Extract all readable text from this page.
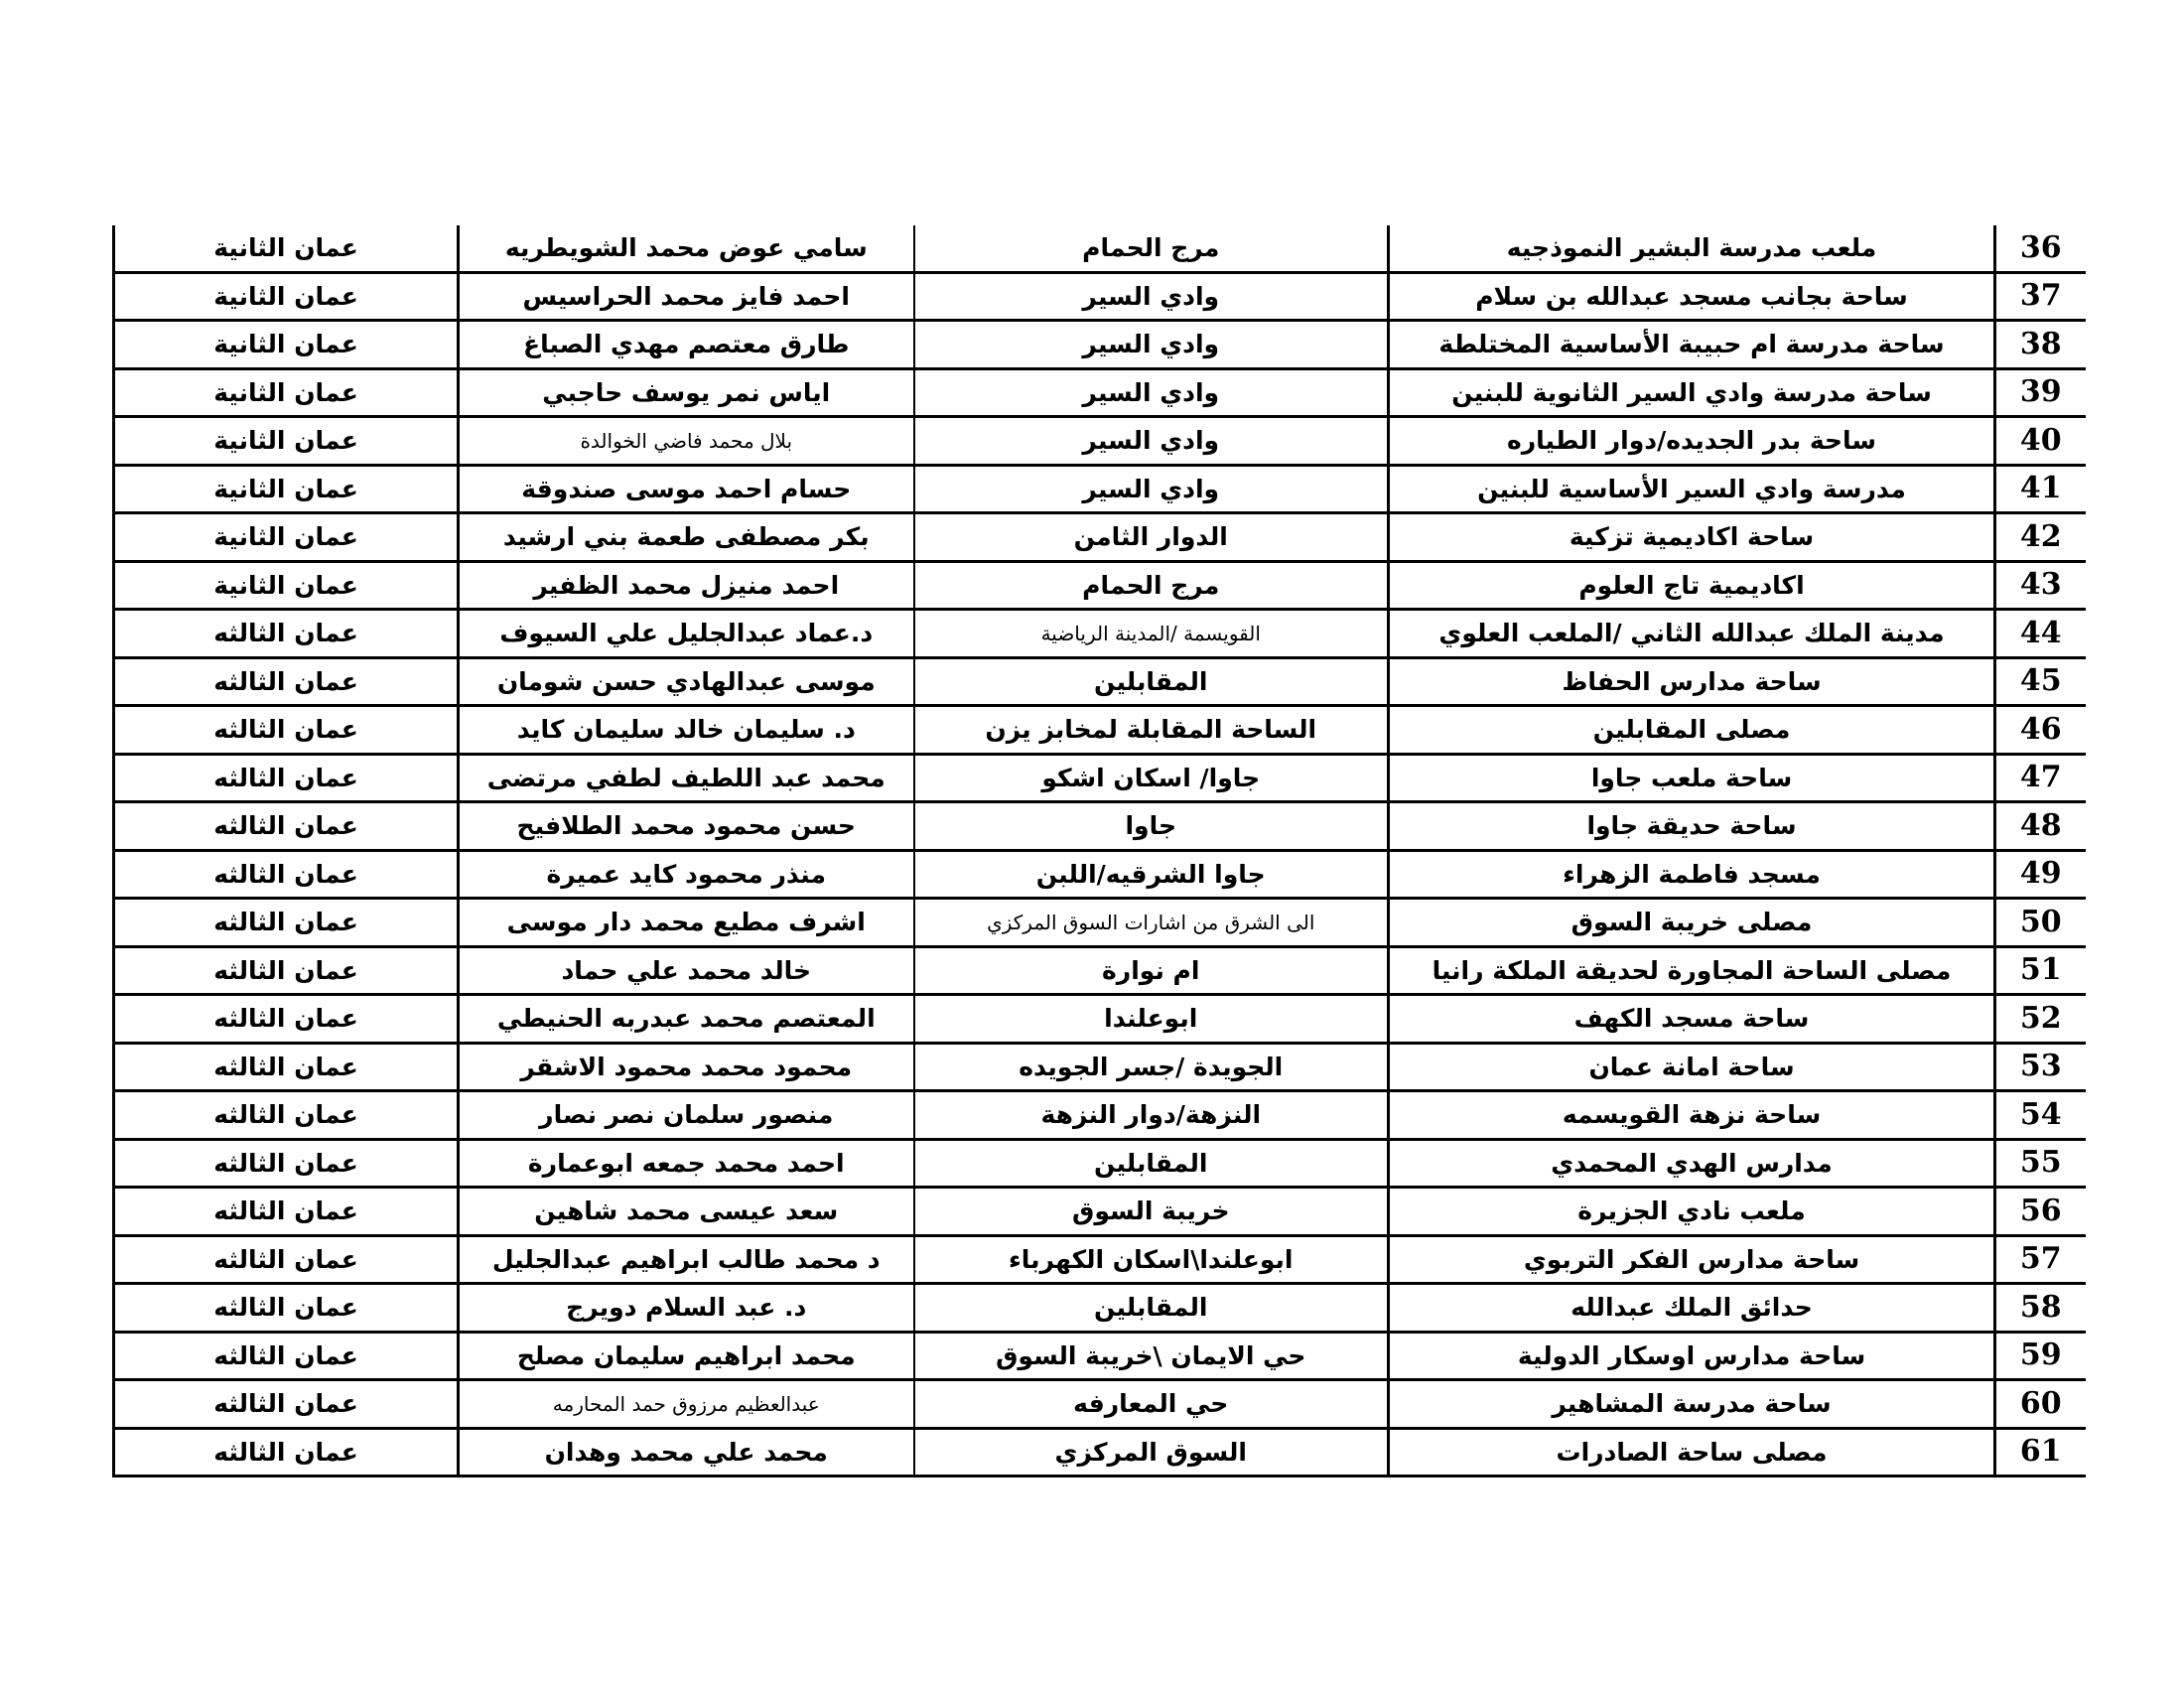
عمان الثانية	سامي عوض محمد الشويطريه	مرج الحمام	ملعب مدرسة البشير النموذجيه	36
عمان الثانية	احمد فايز محمد الحراسيس	وادي السير	ساحة بجانب مسجد عبدالله بن سلام	37
عمان الثانية	طارق معتصم مهدي الصباغ	وادي السير	ساحة مدرسة ام حبيبة الأساسية المختلطة	38
عمان الثانية	اياس نمر يوسف حاجبي	وادي السير	ساحة مدرسة وادي السير الثانوية للبنين	39
عمان الثانية	بلال محمد فاضي الخوالدة	وادي السير	ساحة بدر الجديده/دوار الطياره	40
عمان الثانية	حسام احمد موسى صندوقة	وادي السير	مدرسة وادي السير الأساسية للبنين	41
عمان الثانية	بكر مصطفى طعمة بني ارشيد	الدوار الثامن	ساحة اكاديمية تزكية	42
عمان الثانية	احمد منيزل محمد الظفير	مرج الحمام	اكاديمية تاج العلوم	43
عمان الثالثه	د.عماد عبدالجليل علي السيوف	القويسمة /المدينة الرياضية	مدينة الملك عبدالله الثاني /الملعب العلوي	44
عمان الثالثه	موسى عبدالهادي حسن شومان	المقابلين	ساحة مدارس الحفاظ	45
عمان الثالثه	د. سليمان خالد سليمان كايد	الساحة المقابلة لمخابز يزن	مصلى المقابلين	46
عمان الثالثه	محمد عبد اللطيف لطفي مرتضى	جاوا/ اسكان اشكو	ساحة ملعب جاوا	47
عمان الثالثه	حسن محمود محمد الطلافيح	جاوا	ساحة حديقة جاوا	48
عمان الثالثه	منذر محمود كايد عميرة	جاوا الشرقيه/اللبن	مسجد فاطمة الزهراء	49
عمان الثالثه	اشرف مطيع محمد دار موسى	الى الشرق من اشارات السوق المركزي	مصلى خريبة السوق	50
عمان الثالثه	خالد محمد علي حماد	ام نوارة	مصلى الساحة المجاورة لحديقة الملكة رانيا	51
عمان الثالثه	المعتصم محمد عبدربه الحنيطي	ابوعلندا	ساحة مسجد الكهف	52
عمان الثالثه	محمود محمد محمود الاشقر	الجويدة /جسر الجويده	ساحة امانة عمان	53
عمان الثالثه	منصور سلمان نصر نصار	النزهة/دوار النزهة	ساحة نزهة القويسمه	54
عمان الثالثه	احمد محمد جمعه ابوعمارة	المقابلين	مدارس الهدي المحمدي	55
عمان الثالثه	سعد عيسى محمد شاهين	خريبة السوق	ملعب نادي الجزيرة	56
عمان الثالثه	د محمد طالب ابراهيم عبدالجليل	ابوعلندا\اسكان الكهرباء	ساحة مدارس الفكر التربوي	57
عمان الثالثه	د. عبد السلام دويرج	المقابلين	حدائق الملك عبدالله	58
عمان الثالثه	محمد ابراهيم سليمان مصلح	حي الايمان \خريبة السوق	ساحة مدارس اوسكار الدولية	59
عمان الثالثه	عبدالعظيم مرزوق حمد المحارمه	حي المعارفه	ساحة مدرسة المشاهير	60
عمان الثالثه	محمد علي محمد وهدان	السوق المركزي	مصلى ساحة الصادرات	61
